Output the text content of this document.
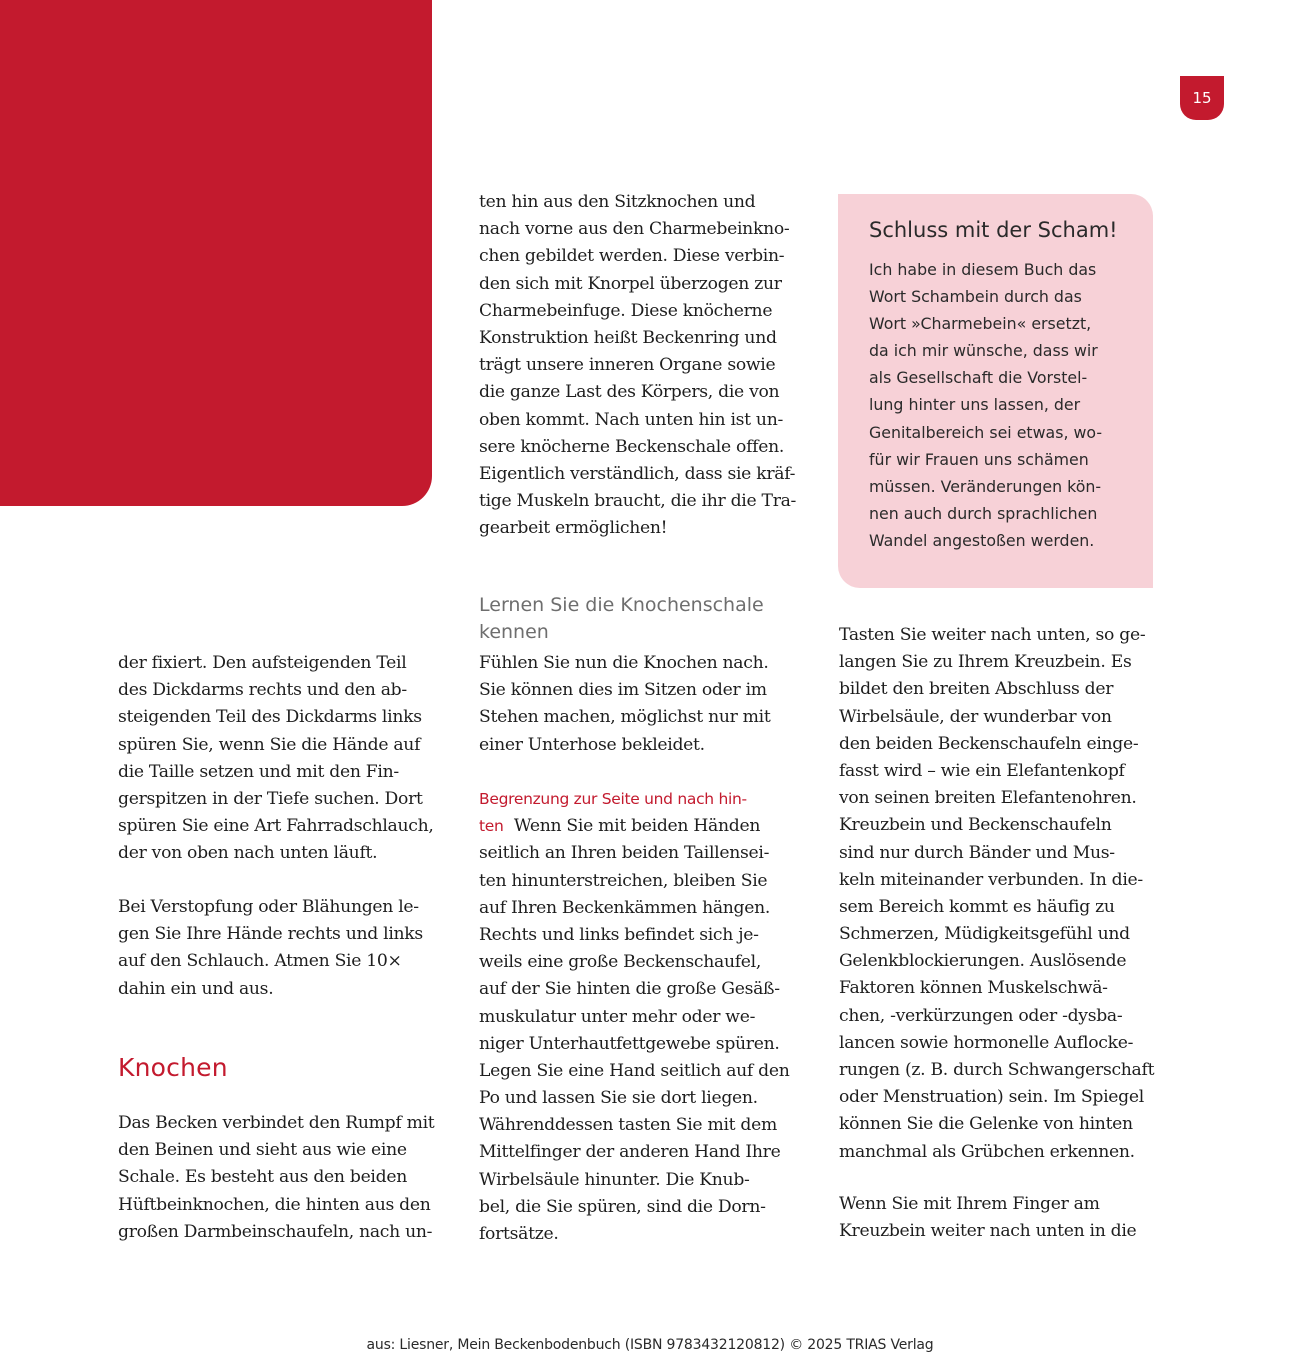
15
der fixiert. Den aufsteigenden Teil
des Dickdarms rechts und den ab-
steigenden Teil des Dickdarms links
spüren Sie, wenn Sie die Hände auf
die Taille setzen und mit den Fin-
gerspitzen in der Tiefe suchen. Dort
spüren Sie eine Art Fahrradschlauch,
der von oben nach unten läuft.
Bei Verstopfung oder Blähungen le-
gen Sie Ihre Hände rechts und links
auf den Schlauch. Atmen Sie 10×
dahin ein und aus.
Knochen
Das Becken verbindet den Rumpf mit
den Beinen und sieht aus wie eine
Schale. Es besteht aus den beiden
Hüftbeinknochen, die hinten aus den
großen Darmbeinschaufeln, nach un-
ten hin aus den Sitzknochen und
nach vorne aus den Charmebeinkno-
chen gebildet werden. Diese verbin-
den sich mit Knorpel überzogen zur
Charmebeinfuge. Diese knöcherne
Konstruktion heißt Beckenring und
trägt unsere inneren Organe sowie
die ganze Last des Körpers, die von
oben kommt. Nach unten hin ist un-
sere knöcherne Beckenschale offen.
Eigentlich verständlich, dass sie kräf-
tige Muskeln braucht, die ihr die Tra-
gearbeit ermöglichen!
Lernen Sie die Knochenschale
kennen
Fühlen Sie nun die Knochen nach.
Sie können dies im Sitzen oder im
Stehen machen, möglichst nur mit
einer Unterhose bekleidet.
Begrenzung zur Seite und nach hin-
ten Wenn Sie mit beiden Händen
seitlich an Ihren beiden Taillensei-
ten hinunterstreichen, bleiben Sie
auf Ihren Beckenkämmen hängen.
Rechts und links befindet sich je-
weils eine große Beckenschaufel,
auf der Sie hinten die große Gesäß-
muskulatur unter mehr oder we-
niger Unterhautfettgewebe spüren.
Legen Sie eine Hand seitlich auf den
Po und lassen Sie sie dort liegen.
Währenddessen tasten Sie mit dem
Mittelfinger der anderen Hand Ihre
Wirbelsäule hinunter. Die Knub-
bel, die Sie spüren, sind die Dorn-
fortsätze.
Schluss mit der Scham!
Ich habe in diesem Buch das
Wort Schambein durch das
Wort »Charmebein« ersetzt,
da ich mir wünsche, dass wir
als Gesellschaft die Vorstel-
lung hinter uns lassen, der
Genitalbereich sei etwas, wo-
für wir Frauen uns schämen
müssen. Veränderungen kön-
nen auch durch sprachlichen
Wandel angestoßen werden.
Tasten Sie weiter nach unten, so ge-
langen Sie zu Ihrem Kreuzbein. Es
bildet den breiten Abschluss der
Wirbelsäule, der wunderbar von
den beiden Beckenschaufeln einge-
fasst wird – wie ein Elefantenkopf
von seinen breiten Elefantenohren.
Kreuzbein und Beckenschaufeln
sind nur durch Bänder und Mus-
keln miteinander verbunden. In die-
sem Bereich kommt es häufig zu
Schmerzen, Müdigkeitsgefühl und
Gelenkblockierungen. Auslösende
Faktoren können Muskelschwä-
chen, -verkürzungen oder -dysba-
lancen sowie hormonelle Auflocke-
rungen (z. B. durch Schwangerschaft
oder Menstruation) sein. Im Spiegel
können Sie die Gelenke von hinten
manchmal als Grübchen erkennen.
Wenn Sie mit Ihrem Finger am
Kreuzbein weiter nach unten in die
aus: Liesner, Mein Beckenbodenbuch (ISBN 9783432120812) © 2025 TRIAS Verlag
